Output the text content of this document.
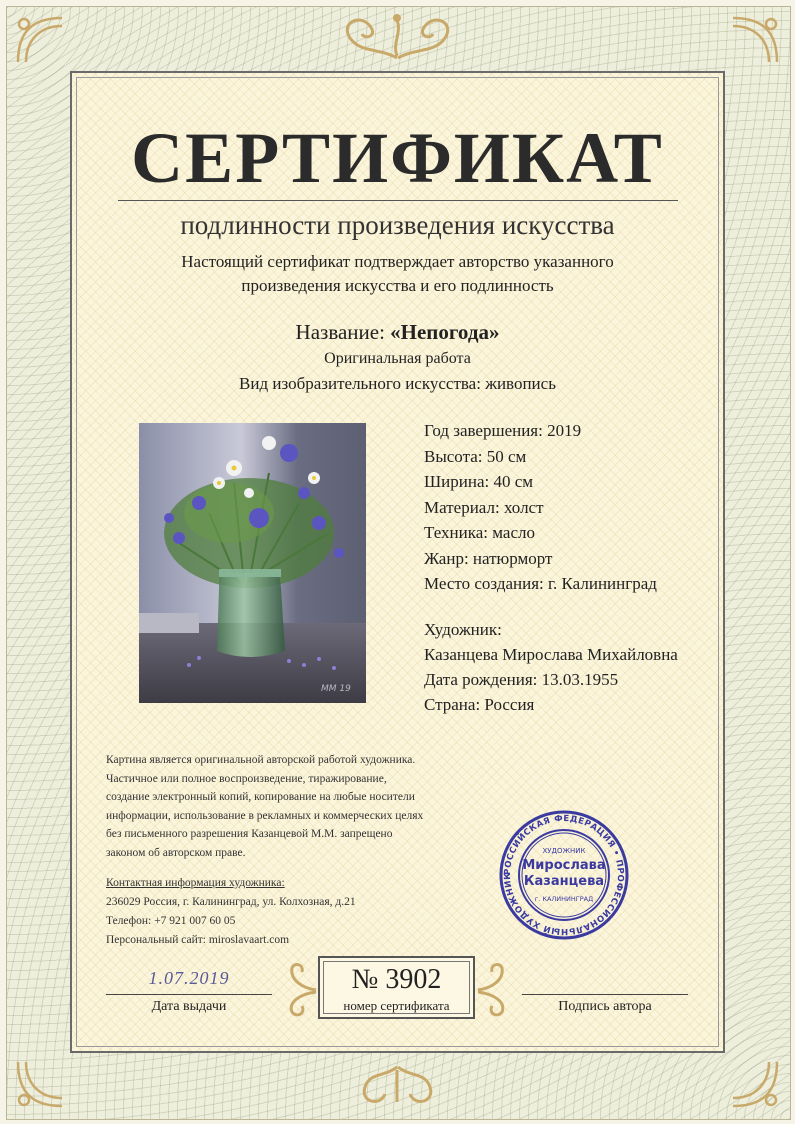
СЕРТИФИКАТ
подлинности произведения искусства
Настоящий сертификат подтверждает авторство указанного
произведения искусства и его подлинность
Название: «Непогода»
Оригинальная работа
Вид изобразительного искусства: живопись
ММ 19
Год завершения: 2019
Высота: 50 см
Ширина: 40 см
Материал: холст
Техника: масло
Жанр: натюрморт
Место создания: г. Калининград
Художник:
Казанцева Мирослава Михайловна
Дата рождения: 13.03.1955
Страна: Россия
Картина является оригинальной авторской работой художника.
Частичное или полное воспроизведение, тиражирование,
создание электронный копий, копирование на любые носители
информации, использование в рекламных и коммерческих целях
без письменного разрешения Казанцевой М.М. запрещено
законом об авторском праве.
Контактная информация художника:
236029 Россия, г. Калининград, ул. Колхозная, д.21
Телефон: +7 921 007 60 05
Персональный сайт: miroslavaart.com
РОССИЙСКАЯ ФЕДЕРАЦИЯ • ПРОФЕССИОНАЛЬНЫЙ ХУДОЖНИК
ХУДОЖНИК
Мирослава
Казанцева
г. КАЛИНИНГРАД
1.07.2019
Дата выдачи
№ 3902
номер сертификата	Подпись автора
